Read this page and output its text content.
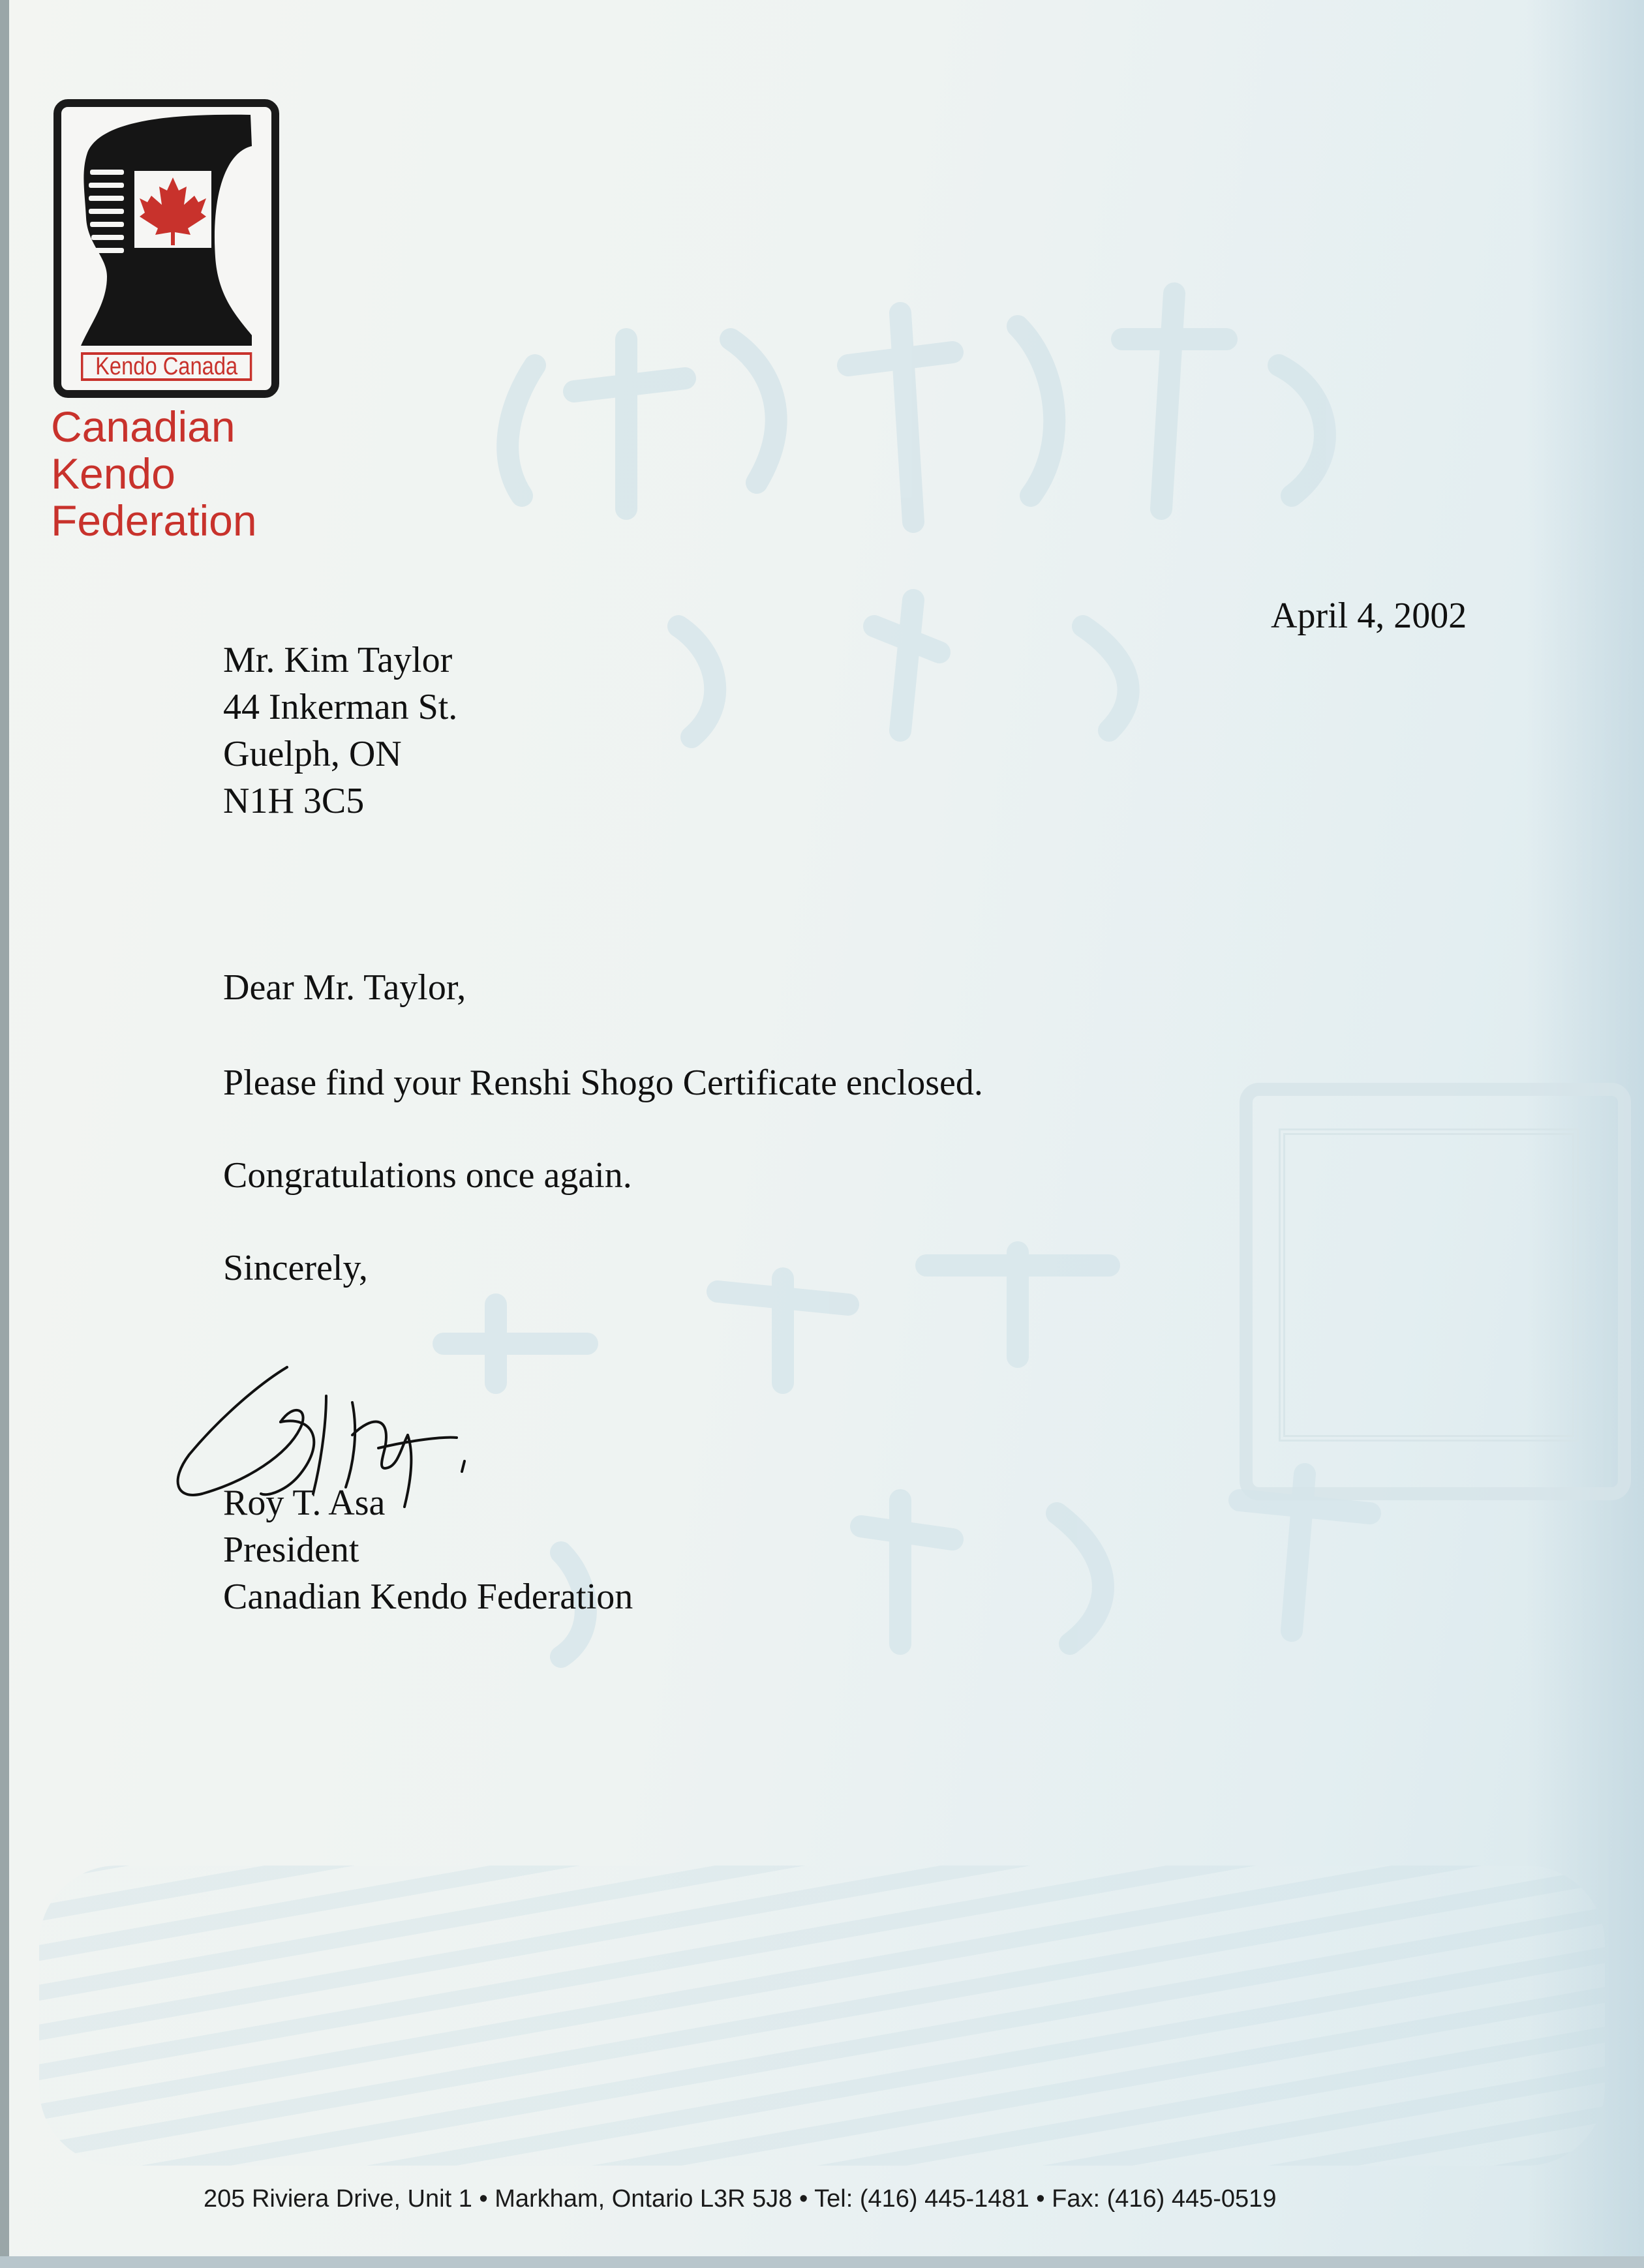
Kendo Canada
Canadian
Kendo
Federation
April 4, 2002
Mr. Kim Taylor
44 Inkerman St.
Guelph, ON
N1H 3C5
Dear Mr. Taylor,
Please find your Renshi Shogo Certificate enclosed.
Congratulations once again.
Sincerely,
Roy T. Asa
President
Canadian Kendo Federation
205 Riviera Drive, Unit 1 • Markham, Ontario L3R 5J8 • Tel: (416) 445-1481 • Fax: (416) 445-0519
